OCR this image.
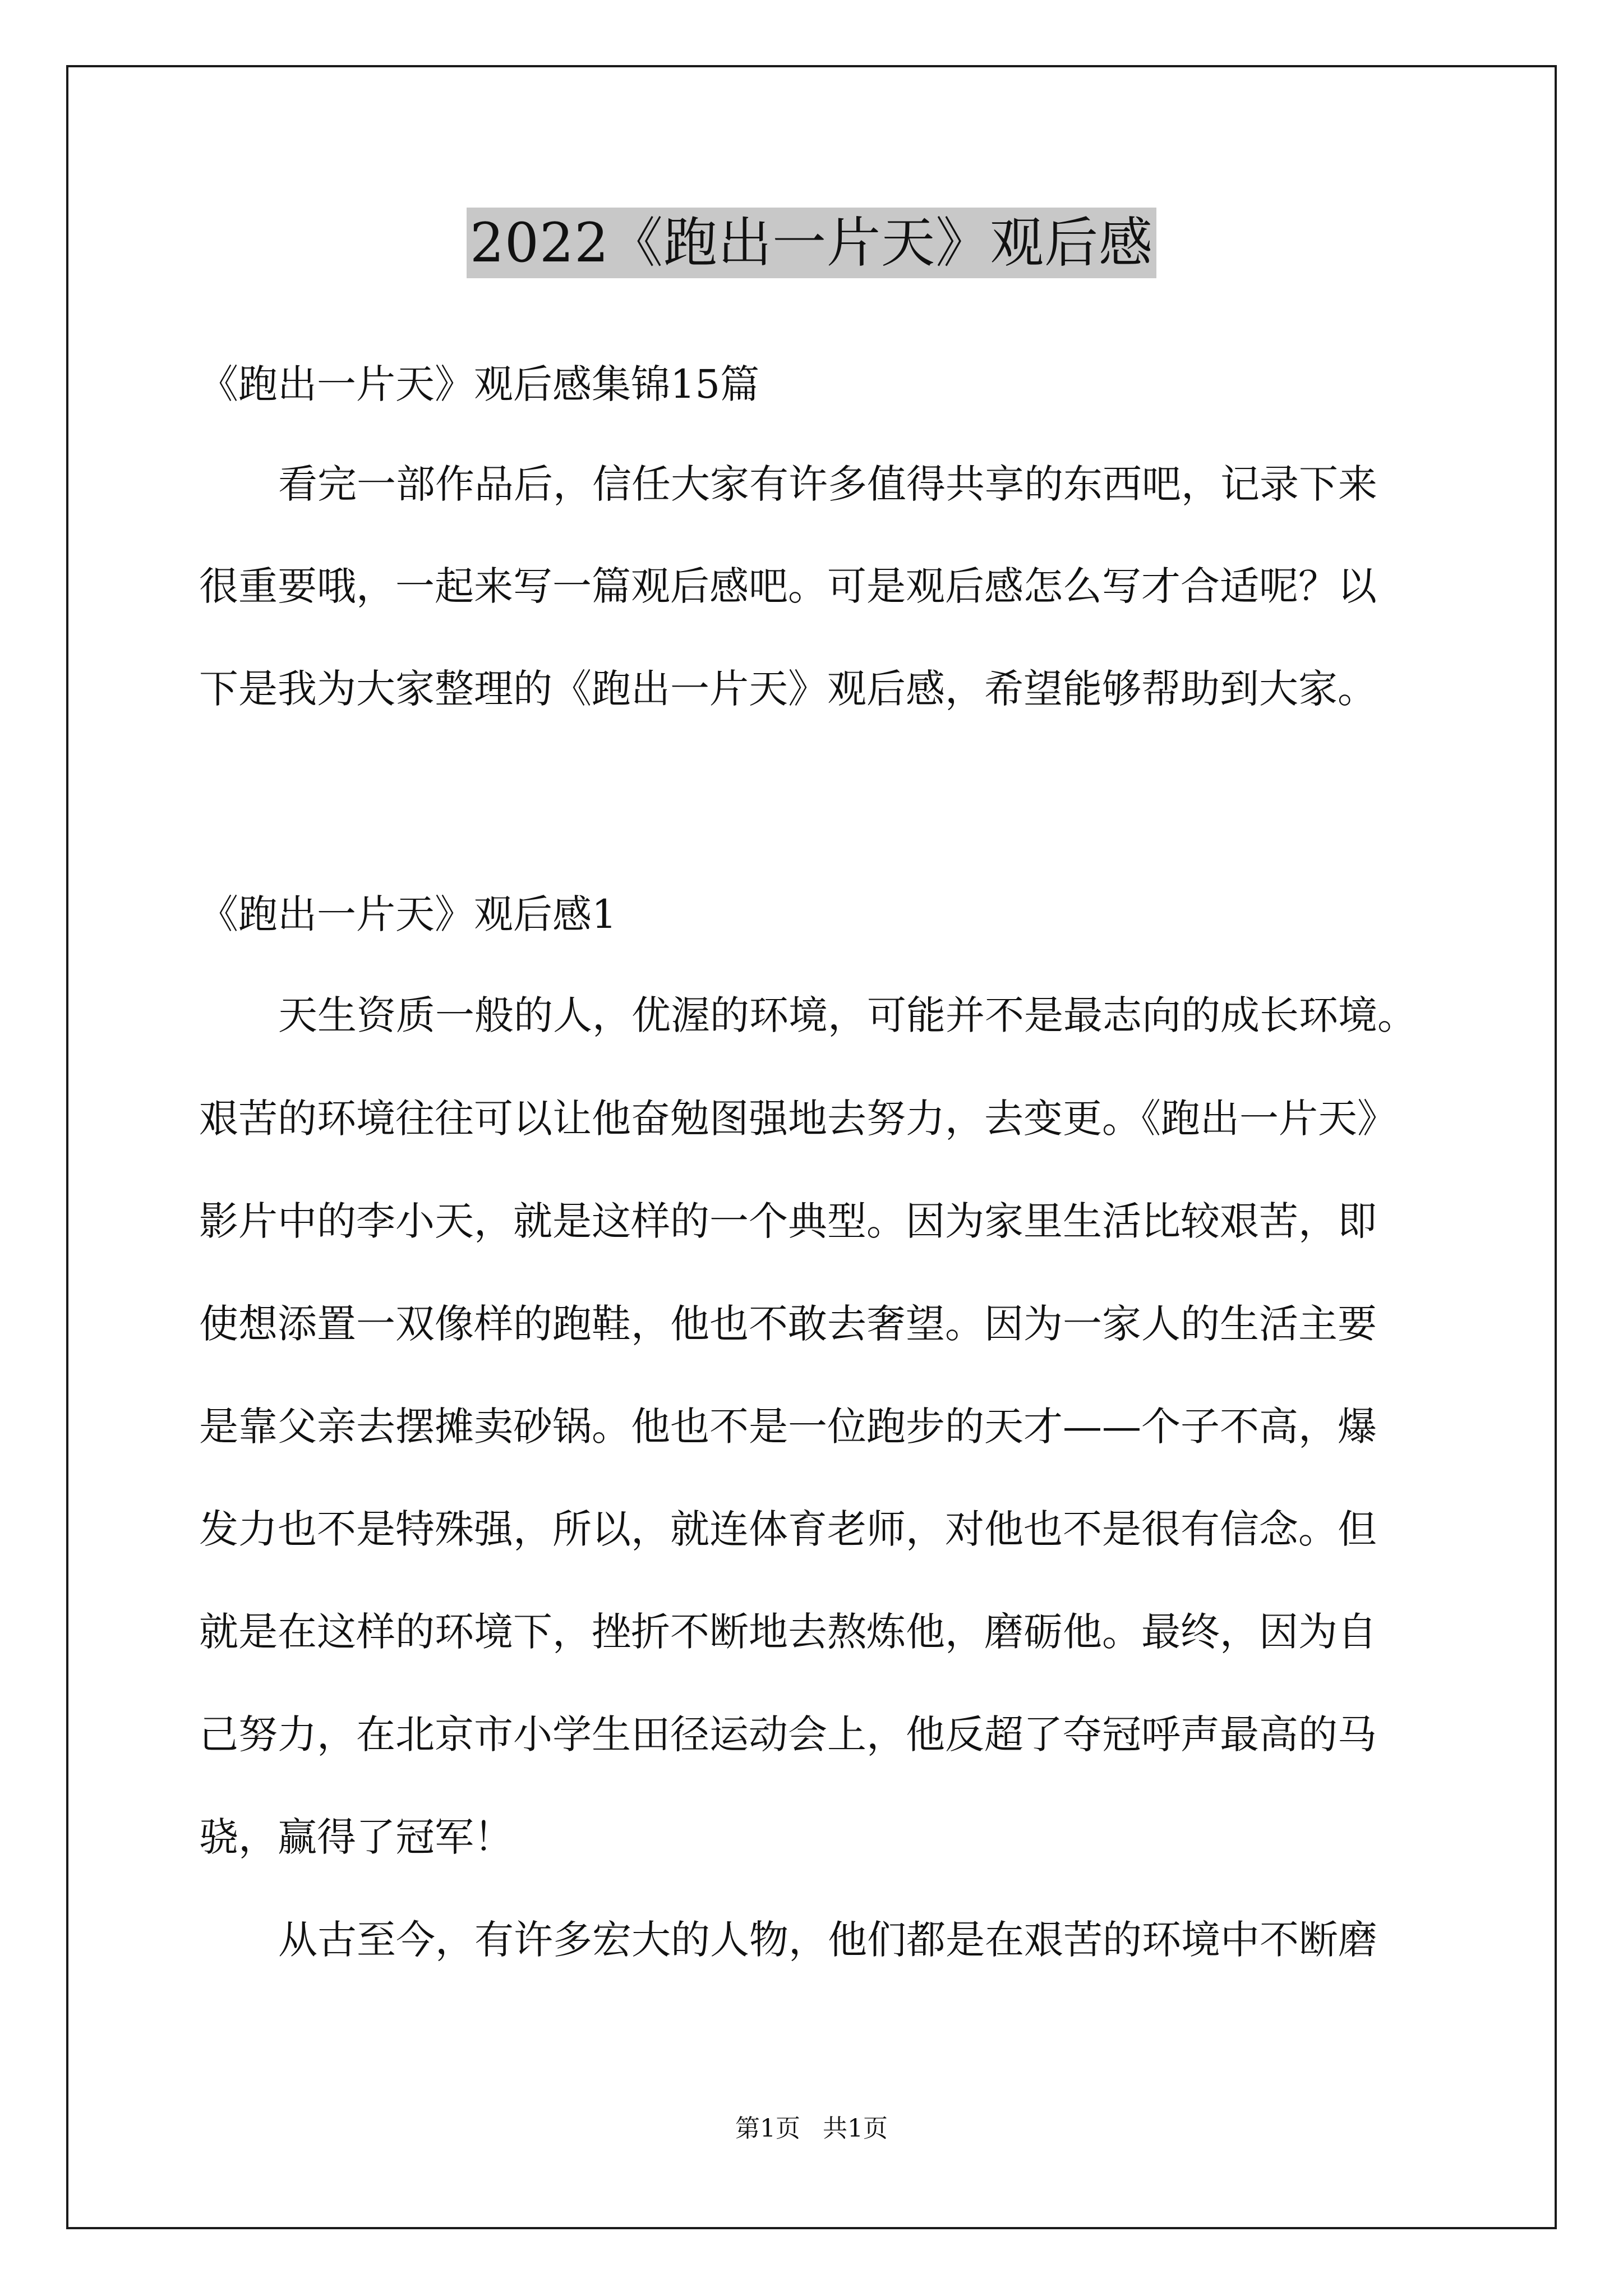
2022《跑出一片天》观后感
《跑出一片天》观后感集锦15篇
看完一部作品后，信任大家有许多值得共享的东西吧，记录下来
很重要哦，一起来写一篇观后感吧。可是观后感怎么写才合适呢？以
下是我为大家整理的《跑出一片天》观后感，希望能够帮助到大家。
《跑出一片天》观后感1
天生资质一般的人，优渥的环境，可能并不是最志向的成长环境。
艰苦的环境往往可以让他奋勉图强地去努力，去变更。《跑出一片天》
影片中的李小天，就是这样的一个典型。因为家里生活比较艰苦，即
使想添置一双像样的跑鞋，他也不敢去奢望。因为一家人的生活主要
是靠父亲去摆摊卖砂锅。他也不是一位跑步的天才——个子不高，爆
发力也不是特殊强，所以，就连体育老师，对他也不是很有信念。但
就是在这样的环境下，挫折不断地去熬炼他，磨砺他。最终，因为自
己努力，在北京市小学生田径运动会上，他反超了夺冠呼声最高的马
骁，赢得了冠军！
从古至今，有许多宏大的人物，他们都是在艰苦的环境中不断磨
第1页 共1页
